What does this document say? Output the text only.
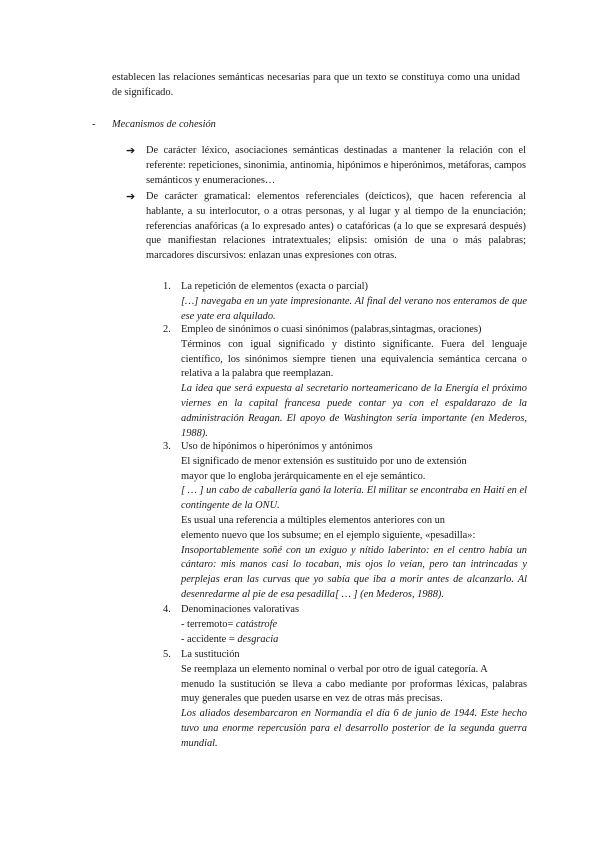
establecen las relaciones semánticas necesarias para que un texto se constituya como una unidad de significado.

- Mecanismos de cohesión
➔ De carácter léxico, asociaciones semánticas destinadas a mantener la relación con el referente: repeticiones, sinonimia, antinomia, hipónimos e hiperónimos, metáforas, campos semánticos y enumeraciones…

➔ De carácter gramatical: elementos referenciales (deícticos), que hacen referencia al hablante, a su interlocutor, o a otras personas, y al lugar y al tiempo de la enunciación; referencias anafóricas (a lo expresado antes) o catafóricas (a lo que se expresará después) que manifiestan relaciones intratextuales; elipsis: omisión de una o más palabras; marcadores discursivos: enlazan unas expresiones con otras.

1. La repetición de elementos (exacta o parcial)

[…] navegaba en un yate impresionante. Al final del verano nos enteramos de que ese yate era alquilado.

2. Empleo de sinónimos o cuasi sinónimos (palabras,sintagmas, oraciones)

Términos con igual significado y distinto significante. Fuera del lenguaje científico, los sinónimos siempre tienen una equivalencia semántica cercana o relativa a la palabra que reemplazan.

La idea que será expuesta al secretario norteamericano de la Energía el próximo viernes en la capital francesa puede contar ya con el espaldarazo de la administración Reagan. El apoyo de Washington sería importante (en Mederos, 1988).

3. Uso de hipónimos o hiperónimos y antónimos

El significado de menor extensión es sustituido por uno de extensión

mayor que lo engloba jerárquicamente en el eje semántico.

[ … ] un cabo de caballería ganó la lotería. El militar se encontraba en Haití en el contingente de la ONU.

Es usual una referencia a múltiples elementos anteriores con un

elemento nuevo que los subsume; en el ejemplo siguiente, «pesadilla»:

Insoportablemente soñé con un exiguo y nítido laberinto: en el centro había un cántaro: mis manos casi lo tocaban, mis ojos lo veían, pero tan intrincadas y perplejas eran las curvas que yo sabía que iba a morir antes de alcanzarlo. Al desenredarme al pie de esa pesadilla[ … ] (en Mederos, 1988).

4. Denominaciones valorativas

- terremoto= catástrofe

- accidente = desgracia

5. La sustitución

Se reemplaza un elemento nominal o verbal por otro de igual categoría. A

menudo la sustitución se lleva a cabo mediante por proformas léxicas, palabras muy generales que pueden usarse en vez de otras más precisas.

Los aliados desembarcaron en Normandía el día 6 de junio de 1944. Este hecho tuvo una enorme repercusión para el desarrollo posterior de la segunda guerra mundial.
